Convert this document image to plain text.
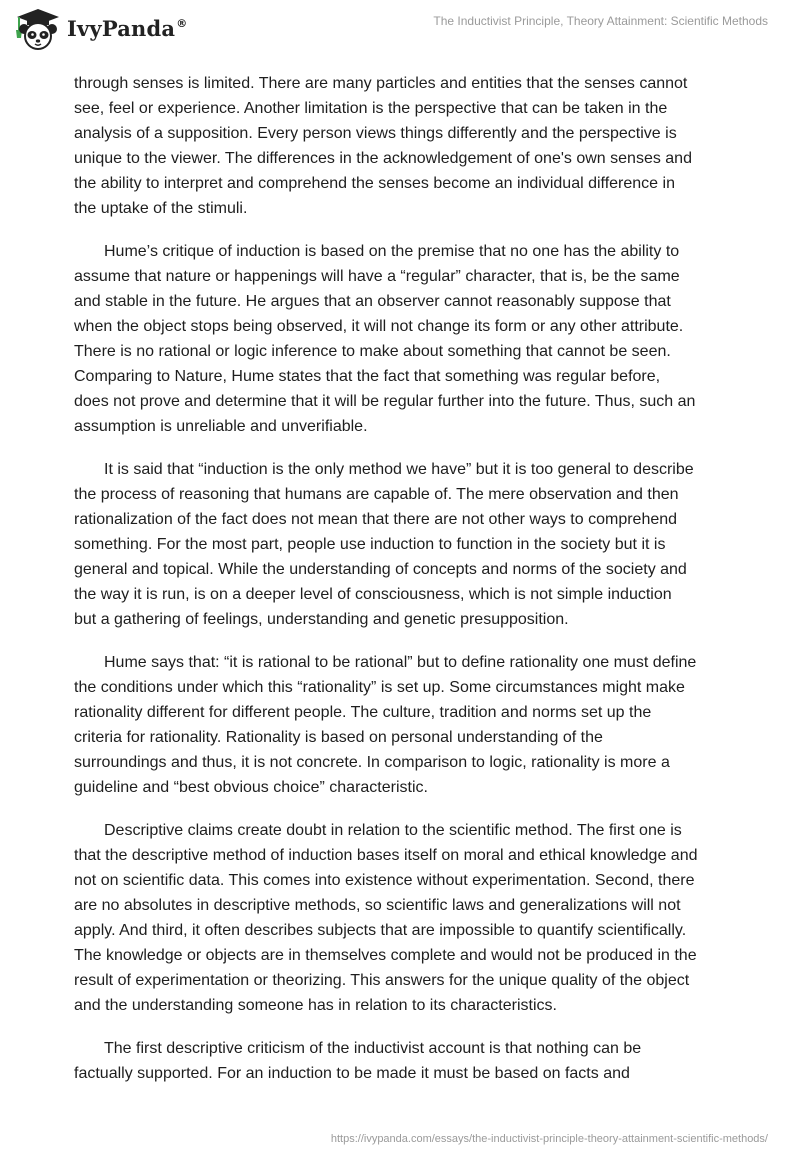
IvyPanda®	The Inductivist Principle, Theory Attainment: Scientific Methods

through senses is limited. There are many particles and entities that the senses cannot
see, feel or experience. Another limitation is the perspective that can be taken in the
analysis of a supposition. Every person views things differently and the perspective is
unique to the viewer. The differences in the acknowledgement of one's own senses and
the ability to interpret and comprehend the senses become an individual difference in
the uptake of the stimuli.

Hume’s critique of induction is based on the premise that no one has the ability to
assume that nature or happenings will have a “regular” character, that is, be the same
and stable in the future. He argues that an observer cannot reasonably suppose that
when the object stops being observed, it will not change its form or any other attribute.
There is no rational or logic inference to make about something that cannot be seen.
Comparing to Nature, Hume states that the fact that something was regular before,
does not prove and determine that it will be regular further into the future. Thus, such an
assumption is unreliable and unverifiable.

It is said that “induction is the only method we have” but it is too general to describe
the process of reasoning that humans are capable of. The mere observation and then
rationalization of the fact does not mean that there are not other ways to comprehend
something. For the most part, people use induction to function in the society but it is
general and topical. While the understanding of concepts and norms of the society and
the way it is run, is on a deeper level of consciousness, which is not simple induction
but a gathering of feelings, understanding and genetic presupposition.

Hume says that: “it is rational to be rational” but to define rationality one must define
the conditions under which this “rationality” is set up. Some circumstances might make
rationality different for different people. The culture, tradition and norms set up the
criteria for rationality. Rationality is based on personal understanding of the
surroundings and thus, it is not concrete. In comparison to logic, rationality is more a
guideline and “best obvious choice” characteristic.

Descriptive claims create doubt in relation to the scientific method. The first one is
that the descriptive method of induction bases itself on moral and ethical knowledge and
not on scientific data. This comes into existence without experimentation. Second, there
are no absolutes in descriptive methods, so scientific laws and generalizations will not
apply. And third, it often describes subjects that are impossible to quantify scientifically.
The knowledge or objects are in themselves complete and would not be produced in the
result of experimentation or theorizing. This answers for the unique quality of the object
and the understanding someone has in relation to its characteristics.

The first descriptive criticism of the inductivist account is that nothing can be
factually supported. For an induction to be made it must be based on facts and

https://ivypanda.com/essays/the-inductivist-principle-theory-attainment-scientific-methods/
